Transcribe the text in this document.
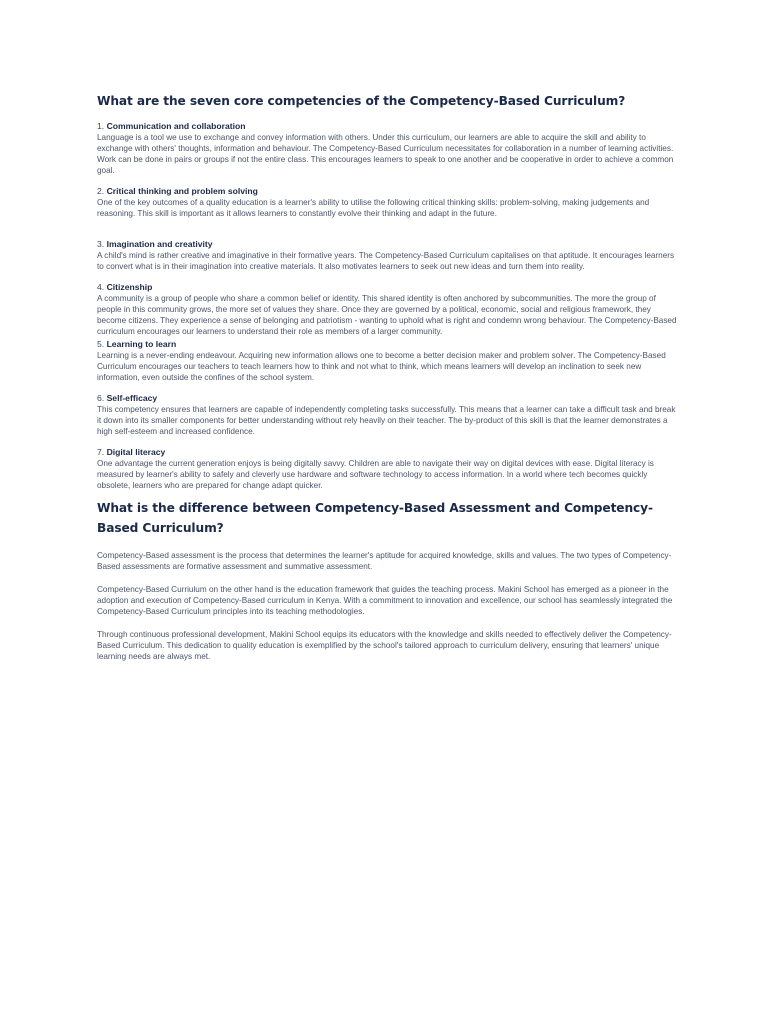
What are the seven core competencies of the Competency-Based Curriculum?
1. Communication and collaboration

Language is a tool we use to exchange and convey information with others. Under this curriculum, our learners are able to acquire the skill and ability to exchange with others' thoughts, information and behaviour. The Competency-Based Curriculum necessitates for collaboration in a number of learning activities. Work can be done in pairs or groups if not the entire class. This encourages learners to speak to one another and be cooperative in order to achieve a common goal.

2. Critical thinking and problem solving

One of the key outcomes of a quality education is a learner's ability to utilise the following critical thinking skills: problem-solving, making judgements and reasoning. This skill is important as it allows learners to constantly evolve their thinking and adapt in the future.

3. Imagination and creativity

A child's mind is rather creative and imaginative in their formative years. The Competency-Based Curriculum capitalises on that aptitude. It encourages learners to convert what is in their imagination into creative materials. It also motivates learners to seek out new ideas and turn them into reality.

4. Citizenship

A community is a group of people who share a common belief or identity. This shared identity is often anchored by subcommunities. The more the group of people in this community grows, the more set of values they share. Once they are governed by a political, economic, social and religious framework, they become citizens. They experience a sense of belonging and patriotism - wanting to uphold what is right and condemn wrong behaviour. The Competency-Based curriculum encourages our learners to understand their role as members of a larger community.

5. Learning to learn

Learning is a never-ending endeavour. Acquiring new information allows one to become a better decision maker and problem solver. The Competency-Based Curriculum encourages our teachers to teach learners how to think and not what to think, which means learners will develop an inclination to seek new information, even outside the confines of the school system.

6. Self-efficacy

This competency ensures that learners are capable of independently completing tasks successfully. This means that a learner can take a difficult task and break it down into its smaller components for better understanding without rely heavily on their teacher. The by-product of this skill is that the learner demonstrates a high self-esteem and increased confidence.

7. Digital literacy

One advantage the current generation enjoys is being digitally savvy. Children are able to navigate their way on digital devices with ease. Digital literacy is measured by learner's ability to safely and cleverly use hardware and software technology to access information. In a world where tech becomes quickly obsolete, learners who are prepared for change adapt quicker.

What is the difference between Competency-Based Assessment and Competency-Based Curriculum?

Competency-Based assessment is the process that determines the learner's aptitude for acquired knowledge, skills and values. The two types of Competency-Based assessments are formative assessment and summative assessment.

Competency-Based Curriulum on the other hand is the education framework that guides the teaching process. Makini School has emerged as a pioneer in the adoption and execution of Competency-Based curriculum in Kenya. With a commitment to innovation and excellence, our school has seamlessly integrated the Competency-Based Curriculum principles into its teaching methodologies.

Through continuous professional development, Makini School equips its educators with the knowledge and skills needed to effectively deliver the Competency-Based Curriculum. This dedication to quality education is exemplified by the school's tailored approach to curriculum delivery, ensuring that learners' unique learning needs are always met.
